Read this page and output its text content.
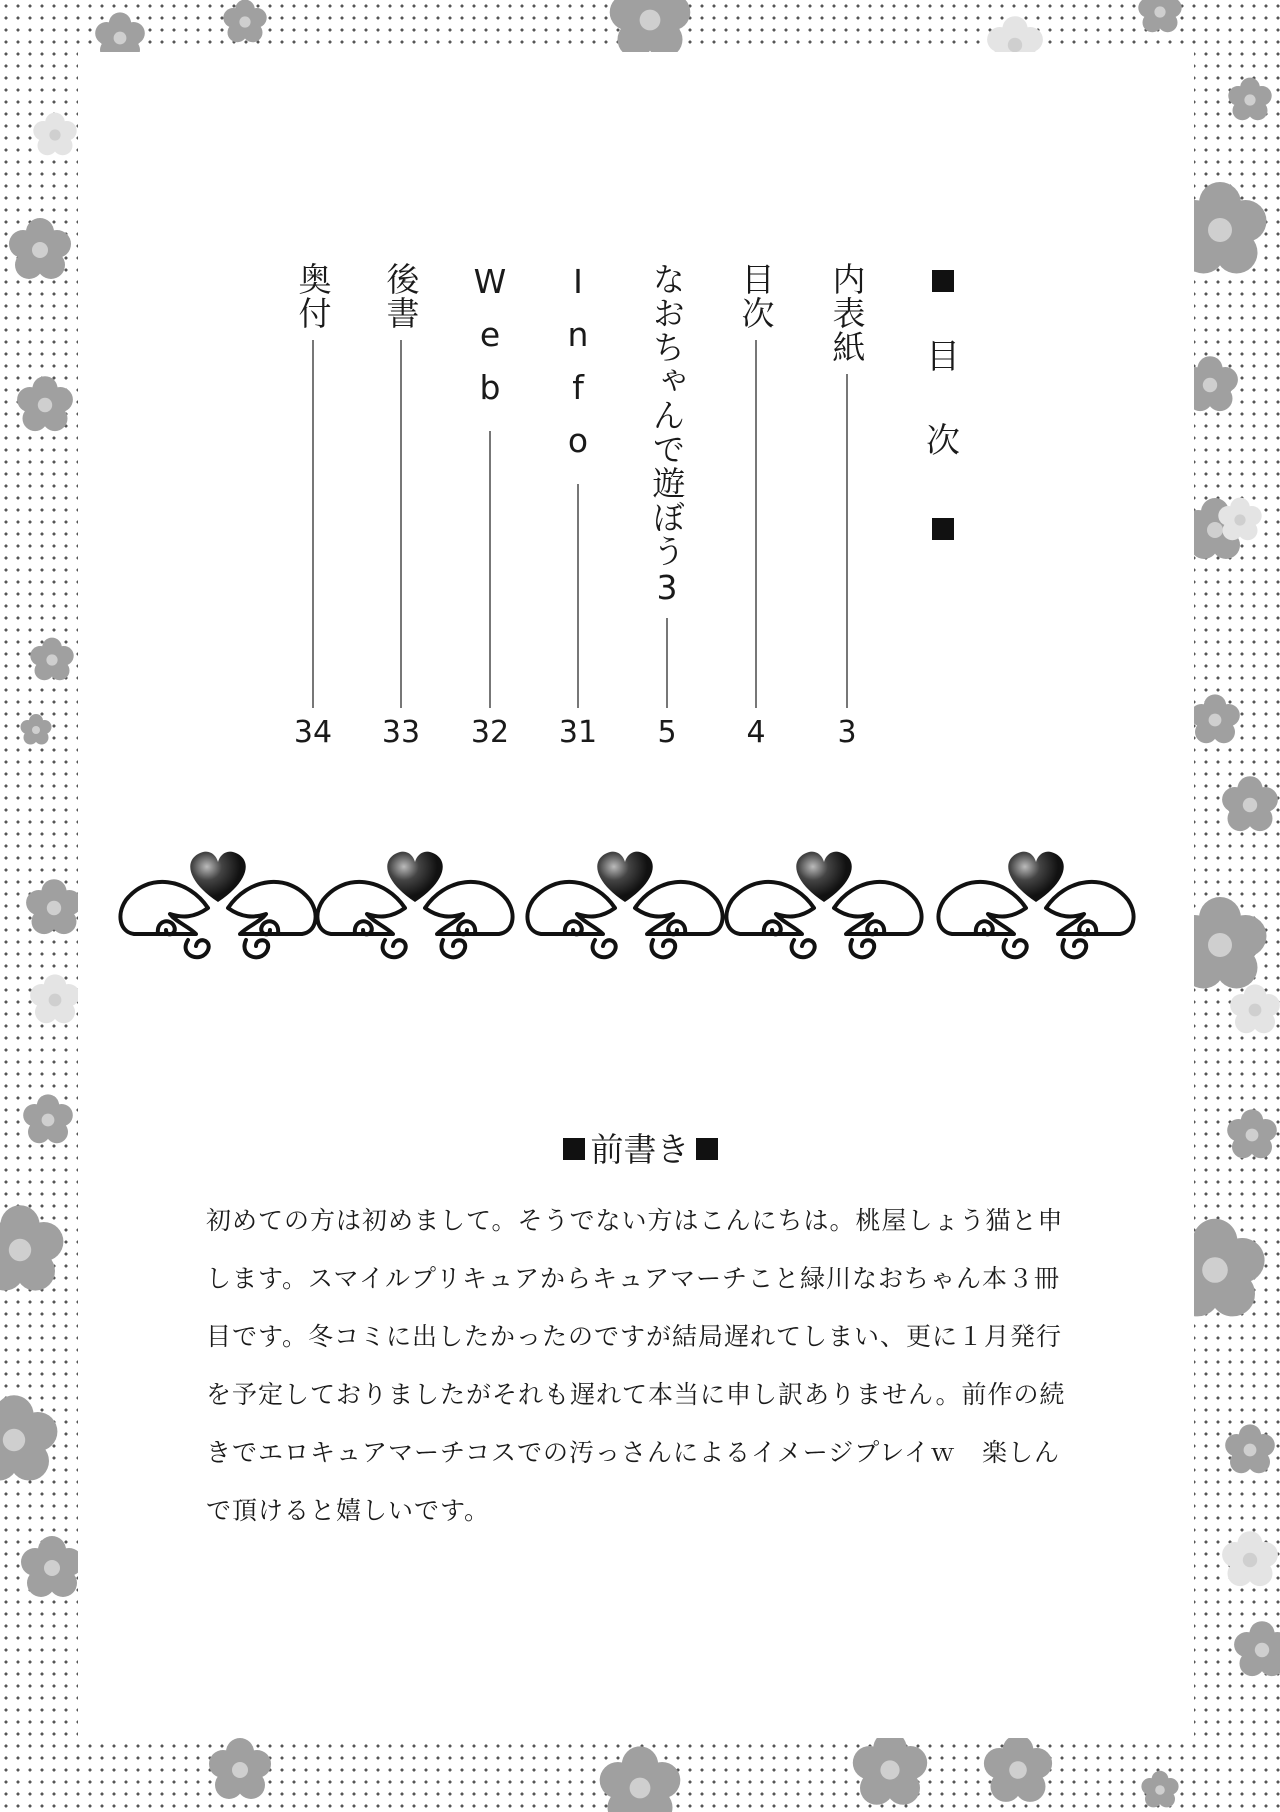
目
次
内表紙
3
目次
4
なおちゃんで遊ぼう3
5
Info
31
Web
32
後書
33
奥付
34
前書き

初めての方は初めまして。そうでない方はこんにちは。桃屋しょう猫と申

します。スマイルプリキュアからキュアマーチこと緑川なおちゃん本３冊

目です。冬コミに出したかったのですが結局遅れてしまい、更に１月発行

を予定しておりましたがそれも遅れて本当に申し訳ありません。前作の続

きでエロキュアマーチコスでの汚っさんによるイメージプレイｗ　楽しん

で頂けると嬉しいです。
